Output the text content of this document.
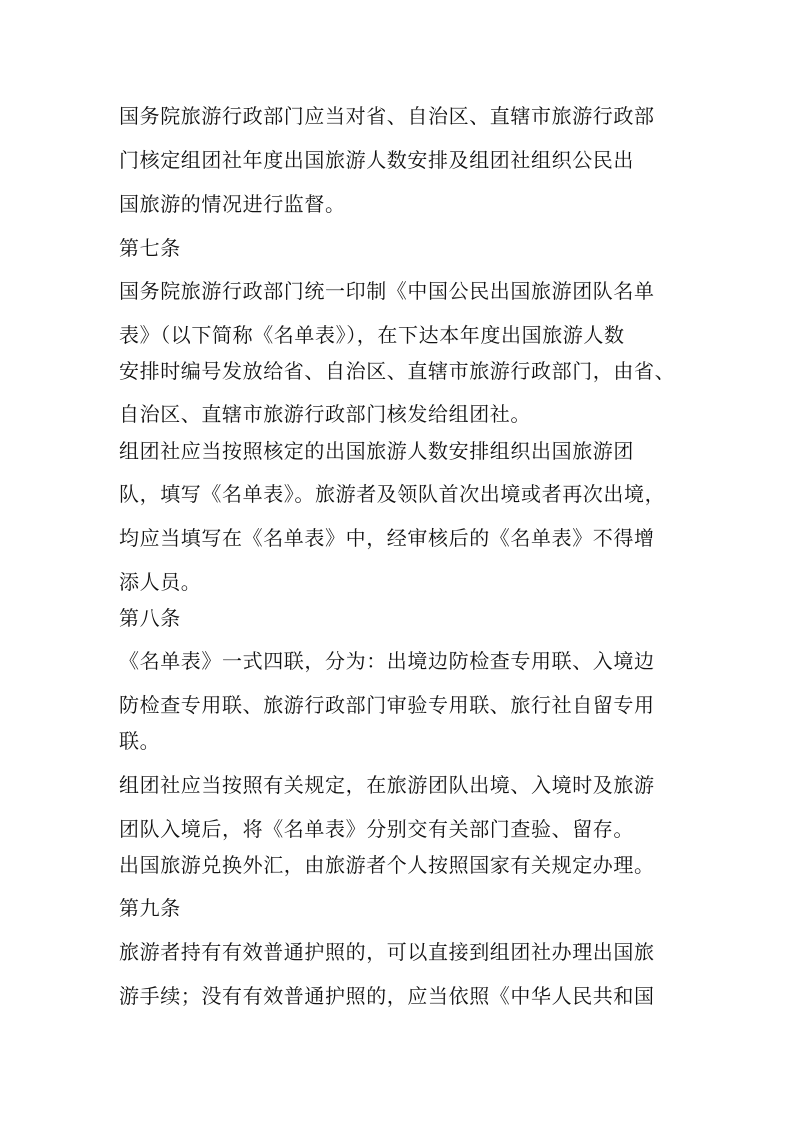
国务院旅游行政部门应当对省、自治区、直辖市旅游行政部
门核定组团社年度出国旅游人数安排及组团社组织公民出
国旅游的情况进行监督。
第七条
国务院旅游行政部门统一印制《中国公民出国旅游团队名单
表》（以下简称《名单表》），在下达本年度出国旅游人数
安排时编号发放给省、自治区、直辖市旅游行政部门，由省、
自治区、直辖市旅游行政部门核发给组团社。
组团社应当按照核定的出国旅游人数安排组织出国旅游团
队，填写《名单表》。旅游者及领队首次出境或者再次出境，
均应当填写在《名单表》中，经审核后的《名单表》不得增
添人员。
第八条
《名单表》一式四联，分为：出境边防检查专用联、入境边
防检查专用联、旅游行政部门审验专用联、旅行社自留专用
联。
组团社应当按照有关规定，在旅游团队出境、入境时及旅游
团队入境后，将《名单表》分别交有关部门查验、留存。
出国旅游兑换外汇，由旅游者个人按照国家有关规定办理。
第九条
旅游者持有有效普通护照的，可以直接到组团社办理出国旅
游手续；没有有效普通护照的，应当依照《中华人民共和国
